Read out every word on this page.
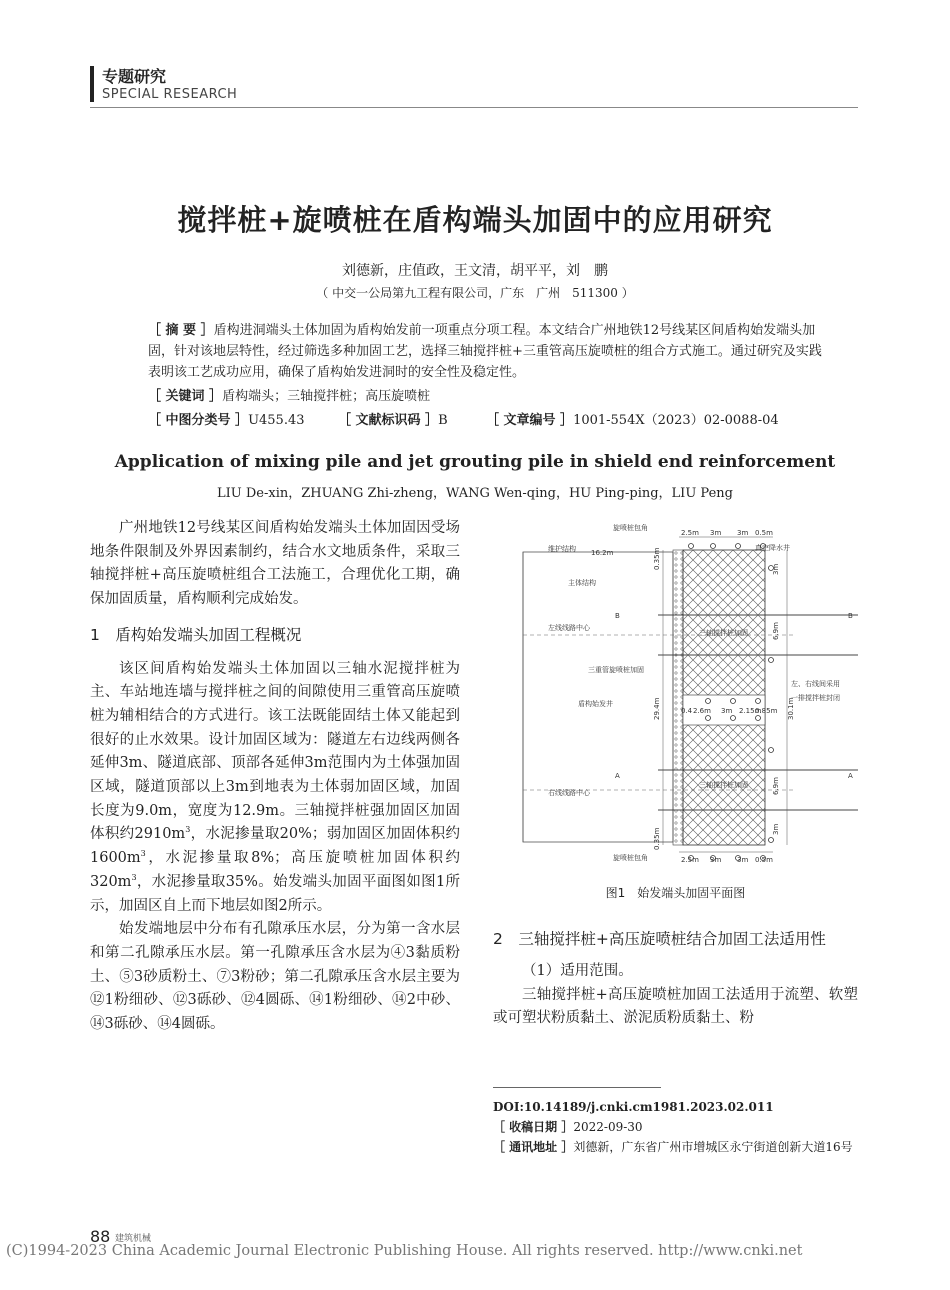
专题研究
SPECIAL RESEARCH
搅拌桩+旋喷桩在盾构端头加固中的应用研究
刘德新，庄值政，王文清，胡平平，刘　鹏
（ 中交一公局第九工程有限公司，广东　广州　511300 ）
［ 摘 要 ］盾构进洞端头土体加固为盾构始发前一项重点分项工程。本文结合广州地铁12号线某区间盾构始发端头加固，针对该地层特性，经过筛选多种加固工艺，选择三轴搅拌桩+三重管高压旋喷桩的组合方式施工。通过研究及实践表明该工艺成功应用，确保了盾构始发进洞时的安全性及稳定性。
［ 关键词 ］盾构端头；三轴搅拌桩；高压旋喷桩
［ 中图分类号 ］U455.43	［ 文献标识码 ］B	［ 文章编号 ］1001-554X（2023）02-0088-04
Application of mixing pile and jet grouting pile in shield end reinforcement
LIU De-xin，ZHUANG Zhi-zheng，WANG Wen-qing，HU Ping-ping，LIU Peng

广州地铁12号线某区间盾构始发端头土体加固因受场地条件限制及外界因素制约，结合水文地质条件，采取三轴搅拌桩+高压旋喷桩组合工法施工，合理优化工期，确保加固质量，盾构顺利完成始发。

1　盾构始发端头加固工程概况

该区间盾构始发端头土体加固以三轴水泥搅拌桩为主、车站地连墙与搅拌桩之间的间隙使用三重管高压旋喷桩为辅相结合的方式进行。该工法既能固结土体又能起到很好的止水效果。设计加固区域为：隧道左右边线两侧各延伸3m、隧道底部、顶部各延伸3m范围内为土体强加固区域，隧道顶部以上3m到地表为土体弱加固区域，加固长度为9.0m，宽度为12.9m。三轴搅拌桩强加固区加固体积约$2910m^3$，水泥掺量取20%；弱加固区加固体积约$1600m^3$，水泥掺量取8%；高压旋喷桩加固体积约$320m^3$，水泥掺量取35%。始发端头加固平面图如图1所示，加固区自上而下地层如图2所示。

始发端地层中分布有孔隙承压水层，分为第一含水层和第二孔隙承压水层。第一孔隙承压含水层为④3黏质粉土、⑤3砂质粉土、⑦3粉砂；第二孔隙承压含水层主要为⑫1粉细砂、⑫3砾砂、⑫4圆砾、⑭1粉细砂、⑭2中砂、⑭3砾砂、⑭4圆砾。

旋喷桩包角
旋喷桩包角
维护结构 16.2m
主体结构
左线线路中心
右线线路中心
三重管旋喷桩加固
盾构始发井
三轴搅拌桩加固
三轴搅拌桩加固
真空降水井
左、右线间采用
一排搅拌桩封闭
B	B
A	A
2.5m 3m 3m 0.5m
2.5m 3m 3m 0.5m
0.4 2.6m 3m 2.15m
0.85m
0.35m
0.35m
29.4m	30.1m
6.9m
6.9m
3m
3m
图1　始发端头加固平面图
2　三轴搅拌桩+高压旋喷桩结合加固工法适用性

（1）适用范围。

三轴搅拌桩+高压旋喷桩加固工法适用于流塑、软塑或可塑状粉质黏土、淤泥质粉质黏土、粉

DOI:10.14189/j.cnki.cm1981.2023.02.011
［ 收稿日期 ］2022-09-30
［ 通讯地址 ］刘德新，广东省广州市增城区永宁街道创新大道16号
88 建筑机械
(C)1994-2023 China Academic Journal Electronic Publishing House. All rights reserved. http://www.cnki.net
